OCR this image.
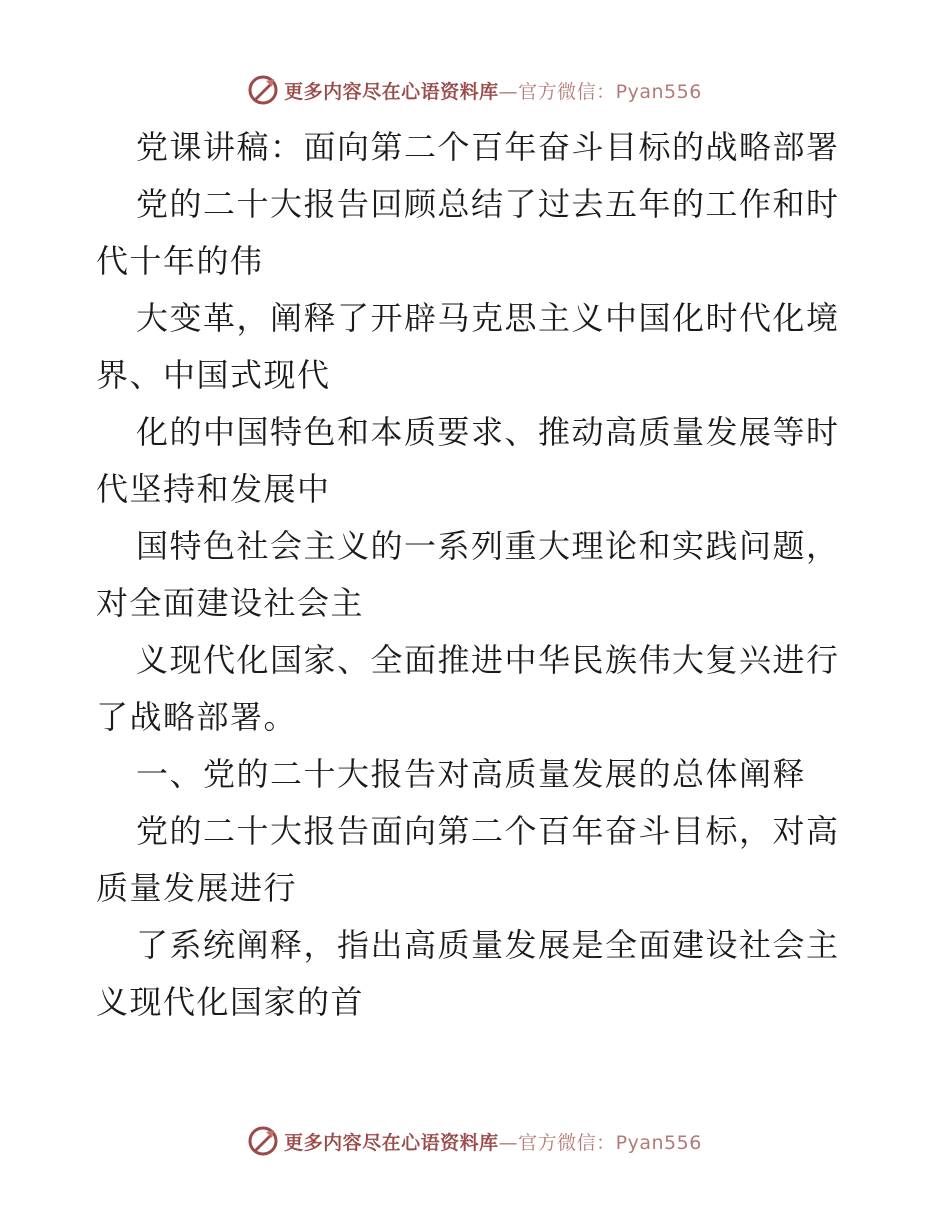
更多内容尽在心语资料库—官方微信：Pyan556
党课讲稿：面向第二个百年奋斗目标的战略部署
党的二十大报告回顾总结了过去五年的工作和时
代十年的伟
大变革，阐释了开辟马克思主义中国化时代化境
界、中国式现代
化的中国特色和本质要求、推动高质量发展等时
代坚持和发展中
国特色社会主义的一系列重大理论和实践问题，
对全面建设社会主
义现代化国家、全面推进中华民族伟大复兴进行
了战略部署。
一、党的二十大报告对高质量发展的总体阐释
党的二十大报告面向第二个百年奋斗目标，对高
质量发展进行
了系统阐释，指出高质量发展是全面建设社会主
义现代化国家的首
更多内容尽在心语资料库—官方微信：Pyan556
